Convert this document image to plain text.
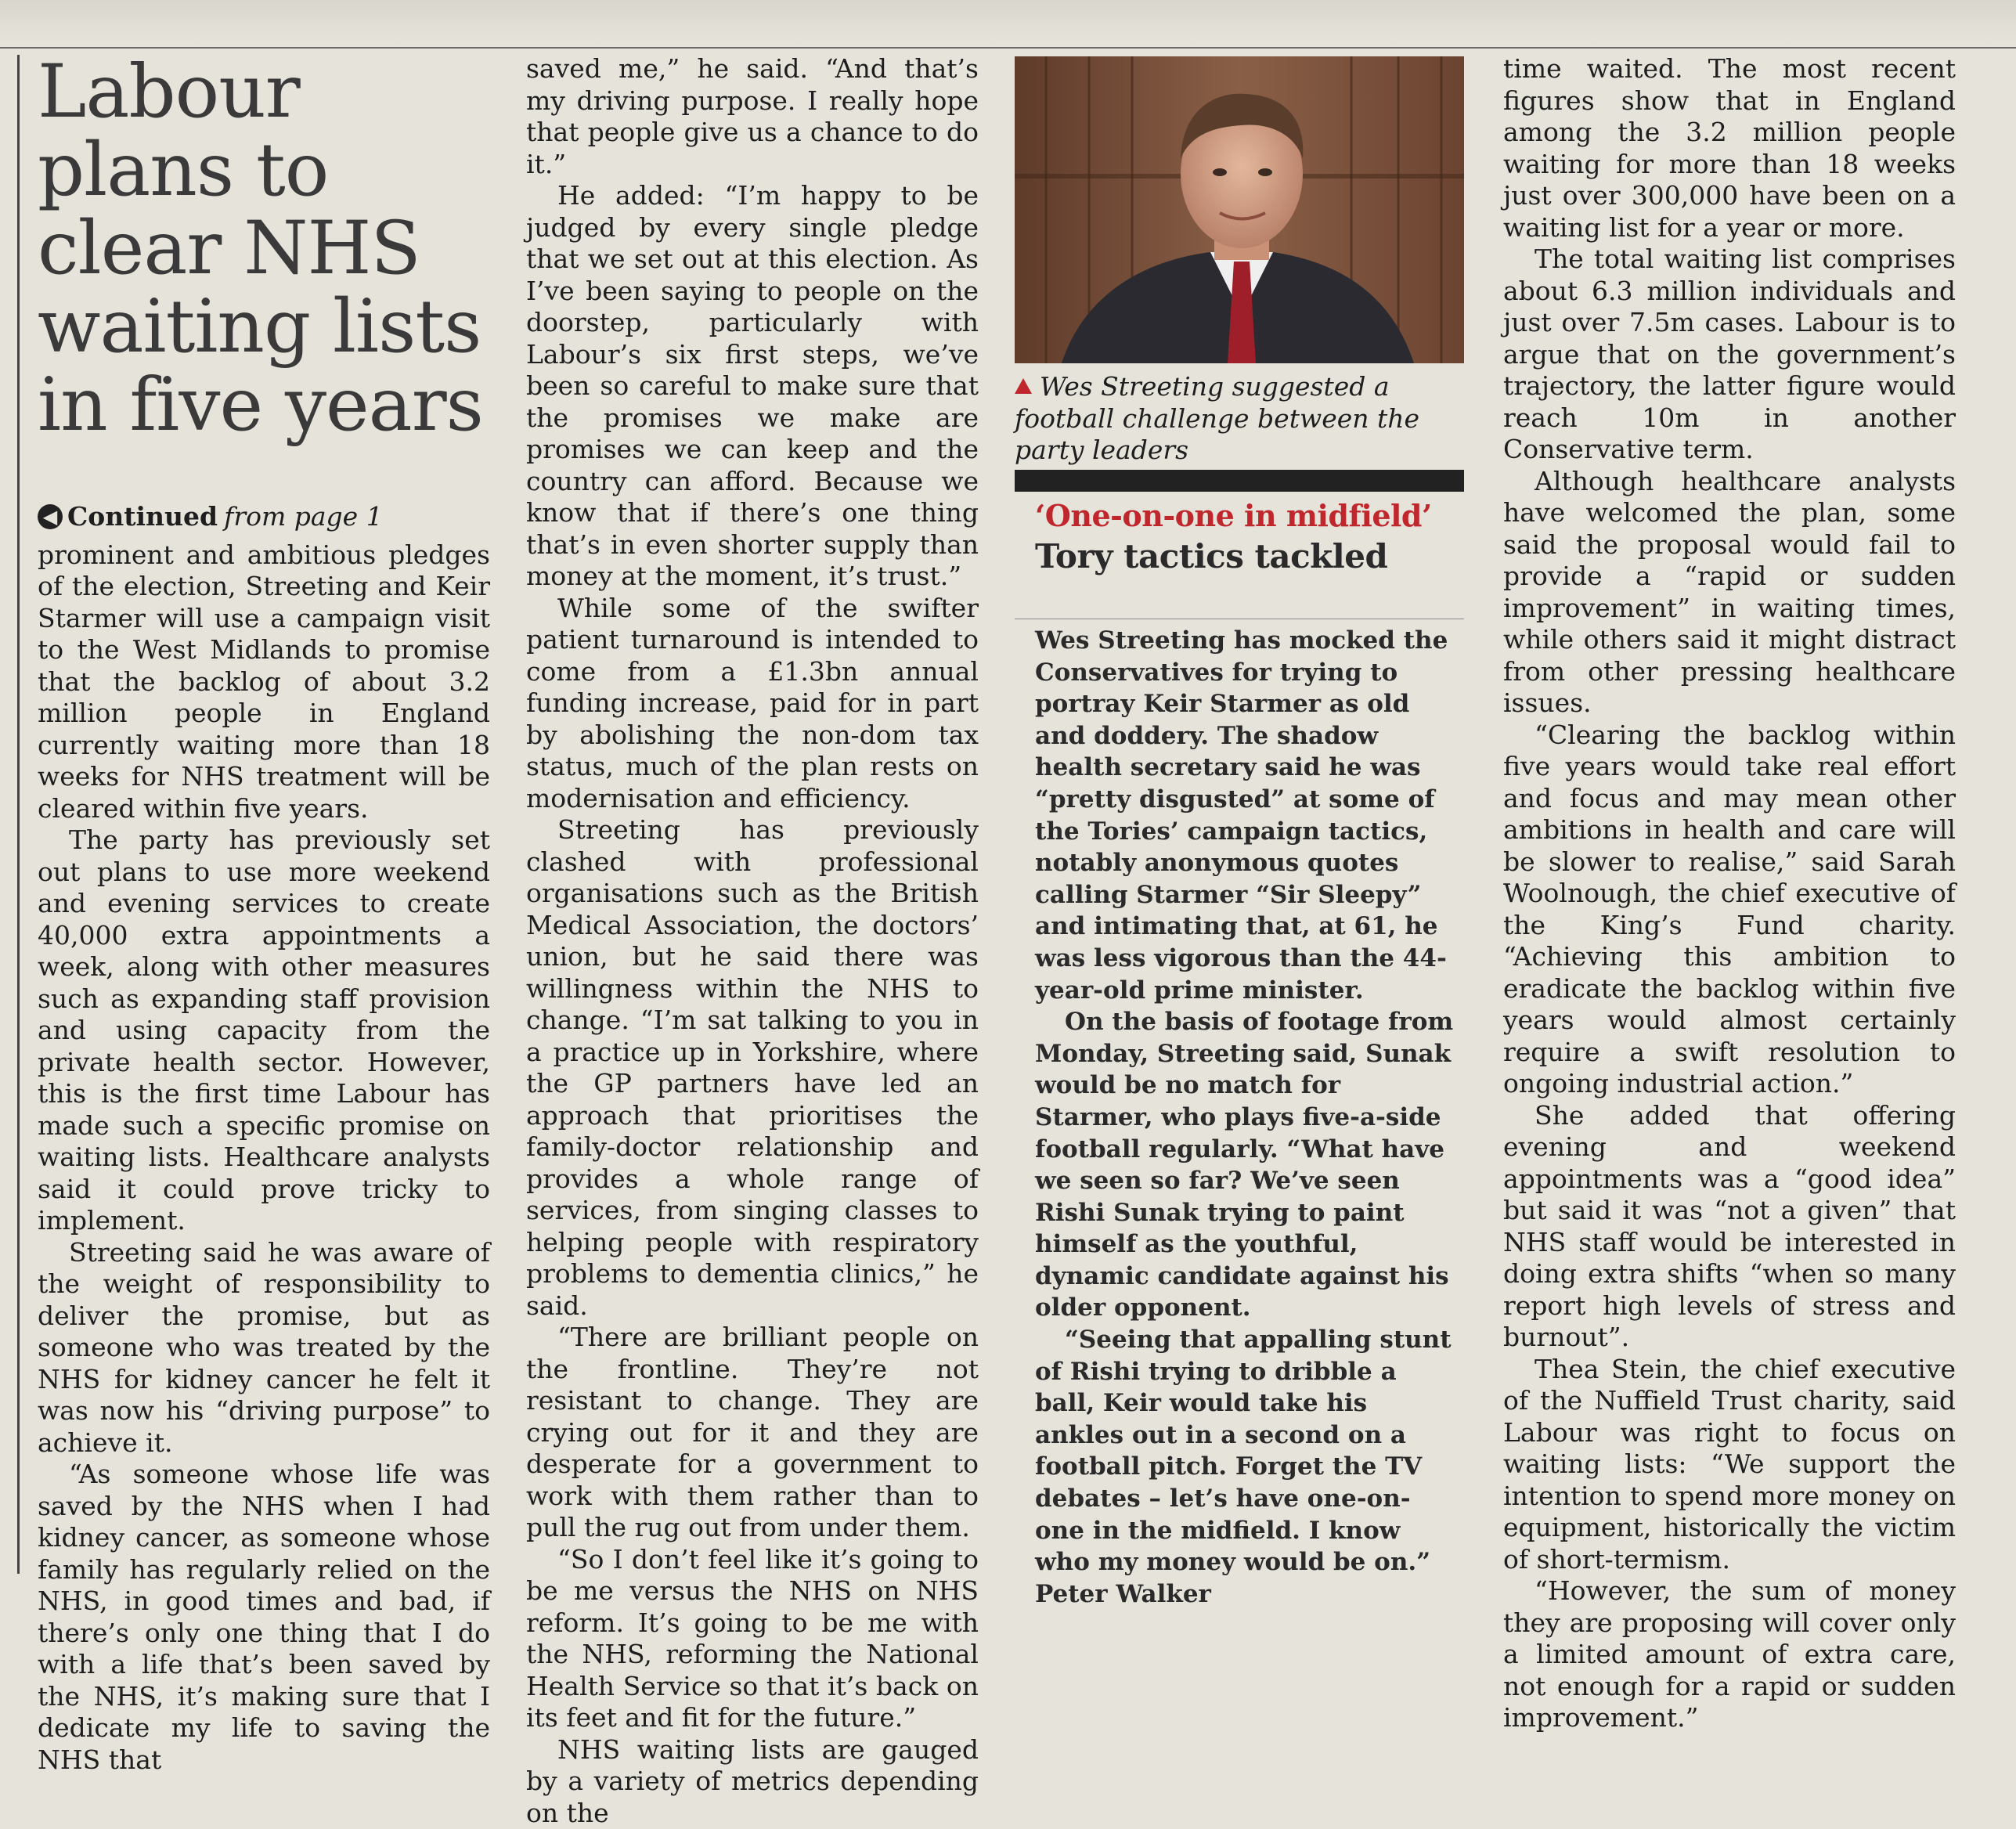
Labour plans to clear NHS waiting lists in five years
◀ Continued from page 1

prominent and ambitious pledges of the election, Streeting and Keir Starmer will use a campaign visit to the West Midlands to promise that the backlog of about 3.2 million people in England currently waiting more than 18 weeks for NHS treatment will be cleared within five years.

The party has previously set out plans to use more weekend and evening services to create 40,000 extra appointments a week, along with other measures such as expanding staff provision and using capacity from the private health sector. However, this is the first time Labour has made such a specific promise on waiting lists. Healthcare analysts said it could prove tricky to implement.

Streeting said he was aware of the weight of responsibility to deliver the promise, but as someone who was treated by the NHS for kidney cancer he felt it was now his “driving purpose” to achieve it.

“As someone whose life was saved by the NHS when I had kidney cancer, as someone whose family has regularly relied on the NHS, in good times and bad, if there’s only one thing that I do with a life that’s been saved by the NHS, it’s making sure that I dedicate my life to saving the NHS that

saved me,” he said. “And that’s my driving purpose. I really hope that people give us a chance to do it.”

He added: “I’m happy to be judged by every single pledge that we set out at this election. As I’ve been saying to people on the doorstep, particularly with Labour’s six first steps, we’ve been so careful to make sure that the promises we make are promises we can keep and the country can afford. Because we know that if there’s one thing that’s in even shorter supply than money at the moment, it’s trust.”

While some of the swifter patient turnaround is intended to come from a £1.3bn annual funding increase, paid for in part by abolishing the non-dom tax status, much of the plan rests on modernisation and efficiency.

Streeting has previously clashed with professional organisations such as the British Medical Association, the doctors’ union, but he said there was willingness within the NHS to change. “I’m sat talking to you in a practice up in Yorkshire, where the GP partners have led an approach that prioritises the family-doctor relationship and provides a whole range of services, from singing classes to helping people with respiratory problems to dementia clinics,” he said.

“There are brilliant people on the frontline. They’re not resistant to change. They are crying out for it and they are desperate for a government to work with them rather than to pull the rug out from under them.

“So I don’t feel like it’s going to be me versus the NHS on NHS reform. It’s going to be me with the NHS, reforming the National Health Service so that it’s back on its feet and fit for the future.”

NHS waiting lists are gauged by a variety of metrics depending on the

Wes Streeting suggested a football challenge between the party leaders
‘One-on-one in midfield’
Tory tactics tackled

Wes Streeting has mocked the Conservatives for trying to portray Keir Starmer as old and doddery. The shadow health secretary said he was “pretty disgusted” at some of the Tories’ campaign tactics, notably anonymous quotes calling Starmer “Sir Sleepy” and intimating that, at 61, he was less vigorous than the 44-year-old prime minister.

On the basis of footage from Monday, Streeting said, Sunak would be no match for Starmer, who plays five-a-side football regularly. “What have we seen so far? We’ve seen Rishi Sunak trying to paint himself as the youthful, dynamic candidate against his older opponent.

“Seeing that appalling stunt of Rishi trying to dribble a ball, Keir would take his ankles out in a second on a football pitch. Forget the TV debates – let’s have one-on-one in the midfield. I know who my money would be on.”

Peter Walker

time waited. The most recent figures show that in England among the 3.2 million people waiting for more than 18 weeks just over 300,000 have been on a waiting list for a year or more.

The total waiting list comprises about 6.3 million individuals and just over 7.5m cases. Labour is to argue that on the government’s trajectory, the latter figure would reach 10m in another Conservative term.

Although healthcare analysts have welcomed the plan, some said the proposal would fail to provide a “rapid or sudden improvement” in waiting times, while others said it might distract from other pressing healthcare issues.

“Clearing the backlog within five years would take real effort and focus and may mean other ambitions in health and care will be slower to realise,” said Sarah Woolnough, the chief executive of the King’s Fund charity. “Achieving this ambition to eradicate the backlog within five years would almost certainly require a swift resolution to ongoing industrial action.”

She added that offering evening and weekend appointments was a “good idea” but said it was “not a given” that NHS staff would be interested in doing extra shifts “when so many report high levels of stress and burnout”.

Thea Stein, the chief executive of the Nuffield Trust charity, said Labour was right to focus on waiting lists: “We support the intention to spend more money on equipment, historically the victim of short-termism.

“However, the sum of money they are proposing will cover only a limited amount of extra care, not enough for a rapid or sudden improvement.”
